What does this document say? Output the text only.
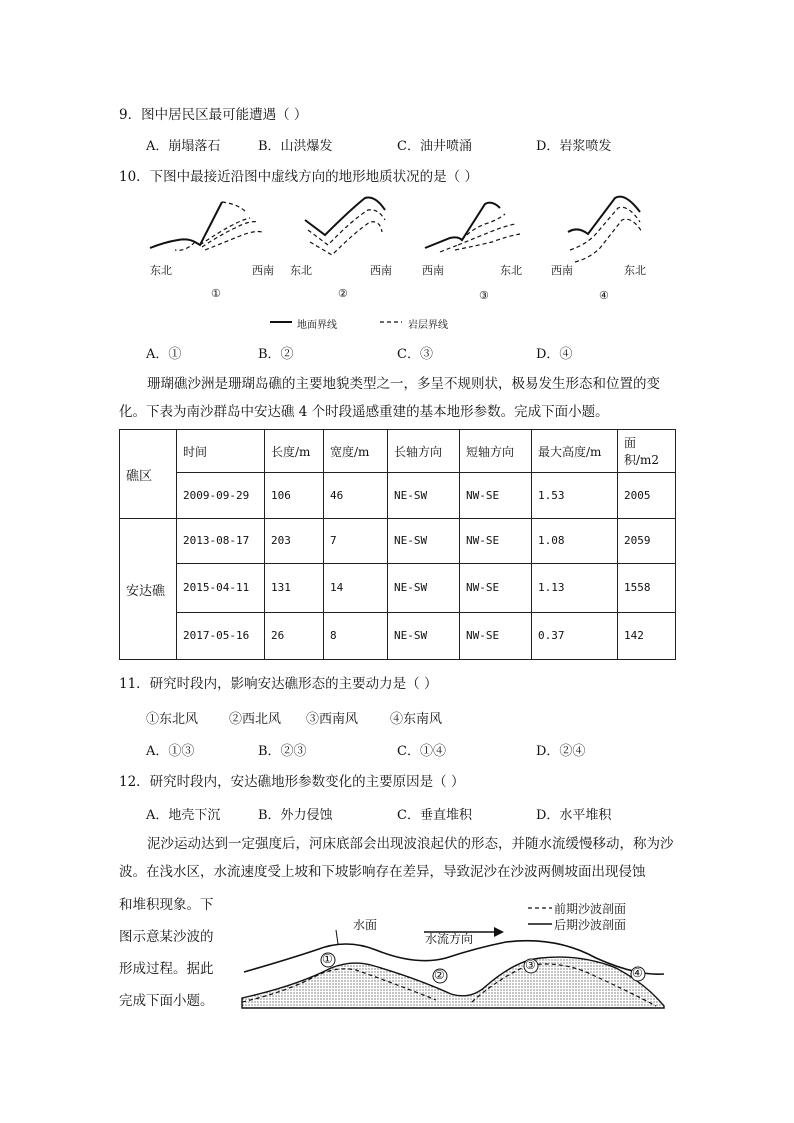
9．图中居民区最可能遭遇（ ）
A．崩塌落石	B．山洪爆发	C．油井喷涌	D．岩浆喷发
10．下图中最接近沿图中虚线方向的地形地质状况的是（ ）
东北	西南
①
东北	西南
②
西南	东北
③
西南	东北
④
地面界线	岩层界线
A．①	B．②	C．③	D．④
珊瑚礁沙洲是珊瑚岛礁的主要地貌类型之一，多呈不规则状，极易发生形态和位置的变化。下表为南沙群岛中安达礁 4 个时段遥感重建的基本地形参数。完成下面小题。
礁区	时间	长度/m	宽度/m	长轴方向	短轴方向	最大高度/m	面积/m2
	2009-09-29	106	46	NE-SW	NW-SE	1.53	2005
安达礁	2013-08-17	203	7	NE-SW	NW-SE	1.08	2059
	2015-04-11	131	14	NE-SW	NW-SE	1.13	1558
	2017-05-16	26	8	NE-SW	NW-SE	0.37	142
11．研究时段内，影响安达礁形态的主要动力是（ ）
①东北风 ②西北风 ③西南风 ④东南风
A．①③	B．②③	C．①④	D．②④
12．研究时段内，安达礁地形参数变化的主要原因是（ ）
A．地壳下沉	B．外力侵蚀	C．垂直堆积	D．水平堆积
泥沙运动达到一定强度后，河床底部会出现波浪起伏的形态，并随水流缓慢移动，称为沙波。在浅水区，水流速度受上坡和下坡影响存在差异，导致泥沙在沙波两侧坡面出现侵蚀
和堆积现象。下
图示意某沙波的
形成过程。据此
完成下面小题。
水面
水流方向
前期沙波剖面
后期沙波剖面
①
②
③
④
